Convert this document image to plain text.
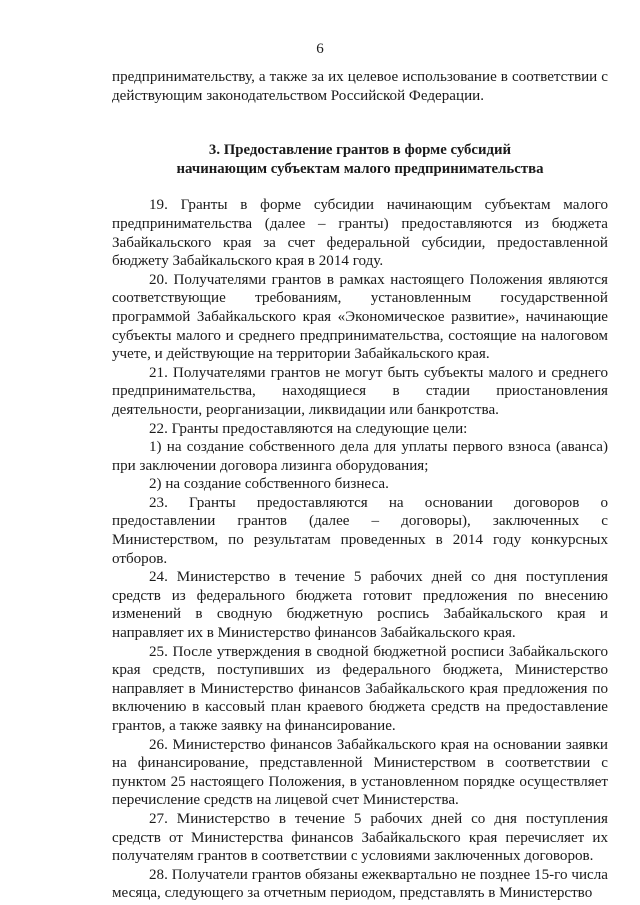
6

предпринимательству, а также за их целевое использование в соответствии с действующим законодательством Российской Федерации.

3. Предоставление грантов в форме субсидий
начинающим субъектам малого предпринимательства

19. Гранты в форме субсидии начинающим субъектам малого предпринимательства (далее – гранты) предоставляются из бюджета Забайкальского края за счет федеральной субсидии, предоставленной бюджету Забайкальского края в 2014 году.

20. Получателями грантов в рамках настоящего Положения являются соответствующие требованиям, установленным государственной программой Забайкальского края «Экономическое развитие», начинающие субъекты малого и среднего предпринимательства, состоящие на налоговом учете, и действующие на территории Забайкальского края.

21. Получателями грантов не могут быть субъекты малого и среднего предпринимательства, находящиеся в стадии приостановления деятельности, реорганизации, ликвидации или банкротства.

22. Гранты предоставляются на следующие цели:

1) на создание собственного дела для уплаты первого взноса (аванса) при заключении договора лизинга оборудования;

2) на создание собственного бизнеса.

23. Гранты предоставляются на основании договоров о предоставлении грантов (далее – договоры), заключенных с Министерством, по результатам проведенных в 2014 году конкурсных отборов.

24. Министерство в течение 5 рабочих дней со дня поступления средств из федерального бюджета готовит предложения по внесению изменений в сводную бюджетную роспись Забайкальского края и направляет их в Министерство финансов Забайкальского края.

25. После утверждения в сводной бюджетной росписи Забайкальского края средств, поступивших из федерального бюджета, Министерство направляет в Министерство финансов Забайкальского края предложения по включению в кассовый план краевого бюджета средств на предоставление грантов, а также заявку на финансирование.

26. Министерство финансов Забайкальского края на основании заявки на финансирование, представленной Министерством в соответствии с пунктом 25 настоящего Положения, в установленном порядке осуществляет перечисление средств на лицевой счет Министерства.

27. Министерство в течение 5 рабочих дней со дня поступления средств от Министерства финансов Забайкальского края перечисляет их получателям грантов в соответствии с условиями заключенных договоров.

28. Получатели грантов обязаны ежеквартально не позднее 15-го числа месяца, следующего за отчетным периодом, представлять в Министерство
